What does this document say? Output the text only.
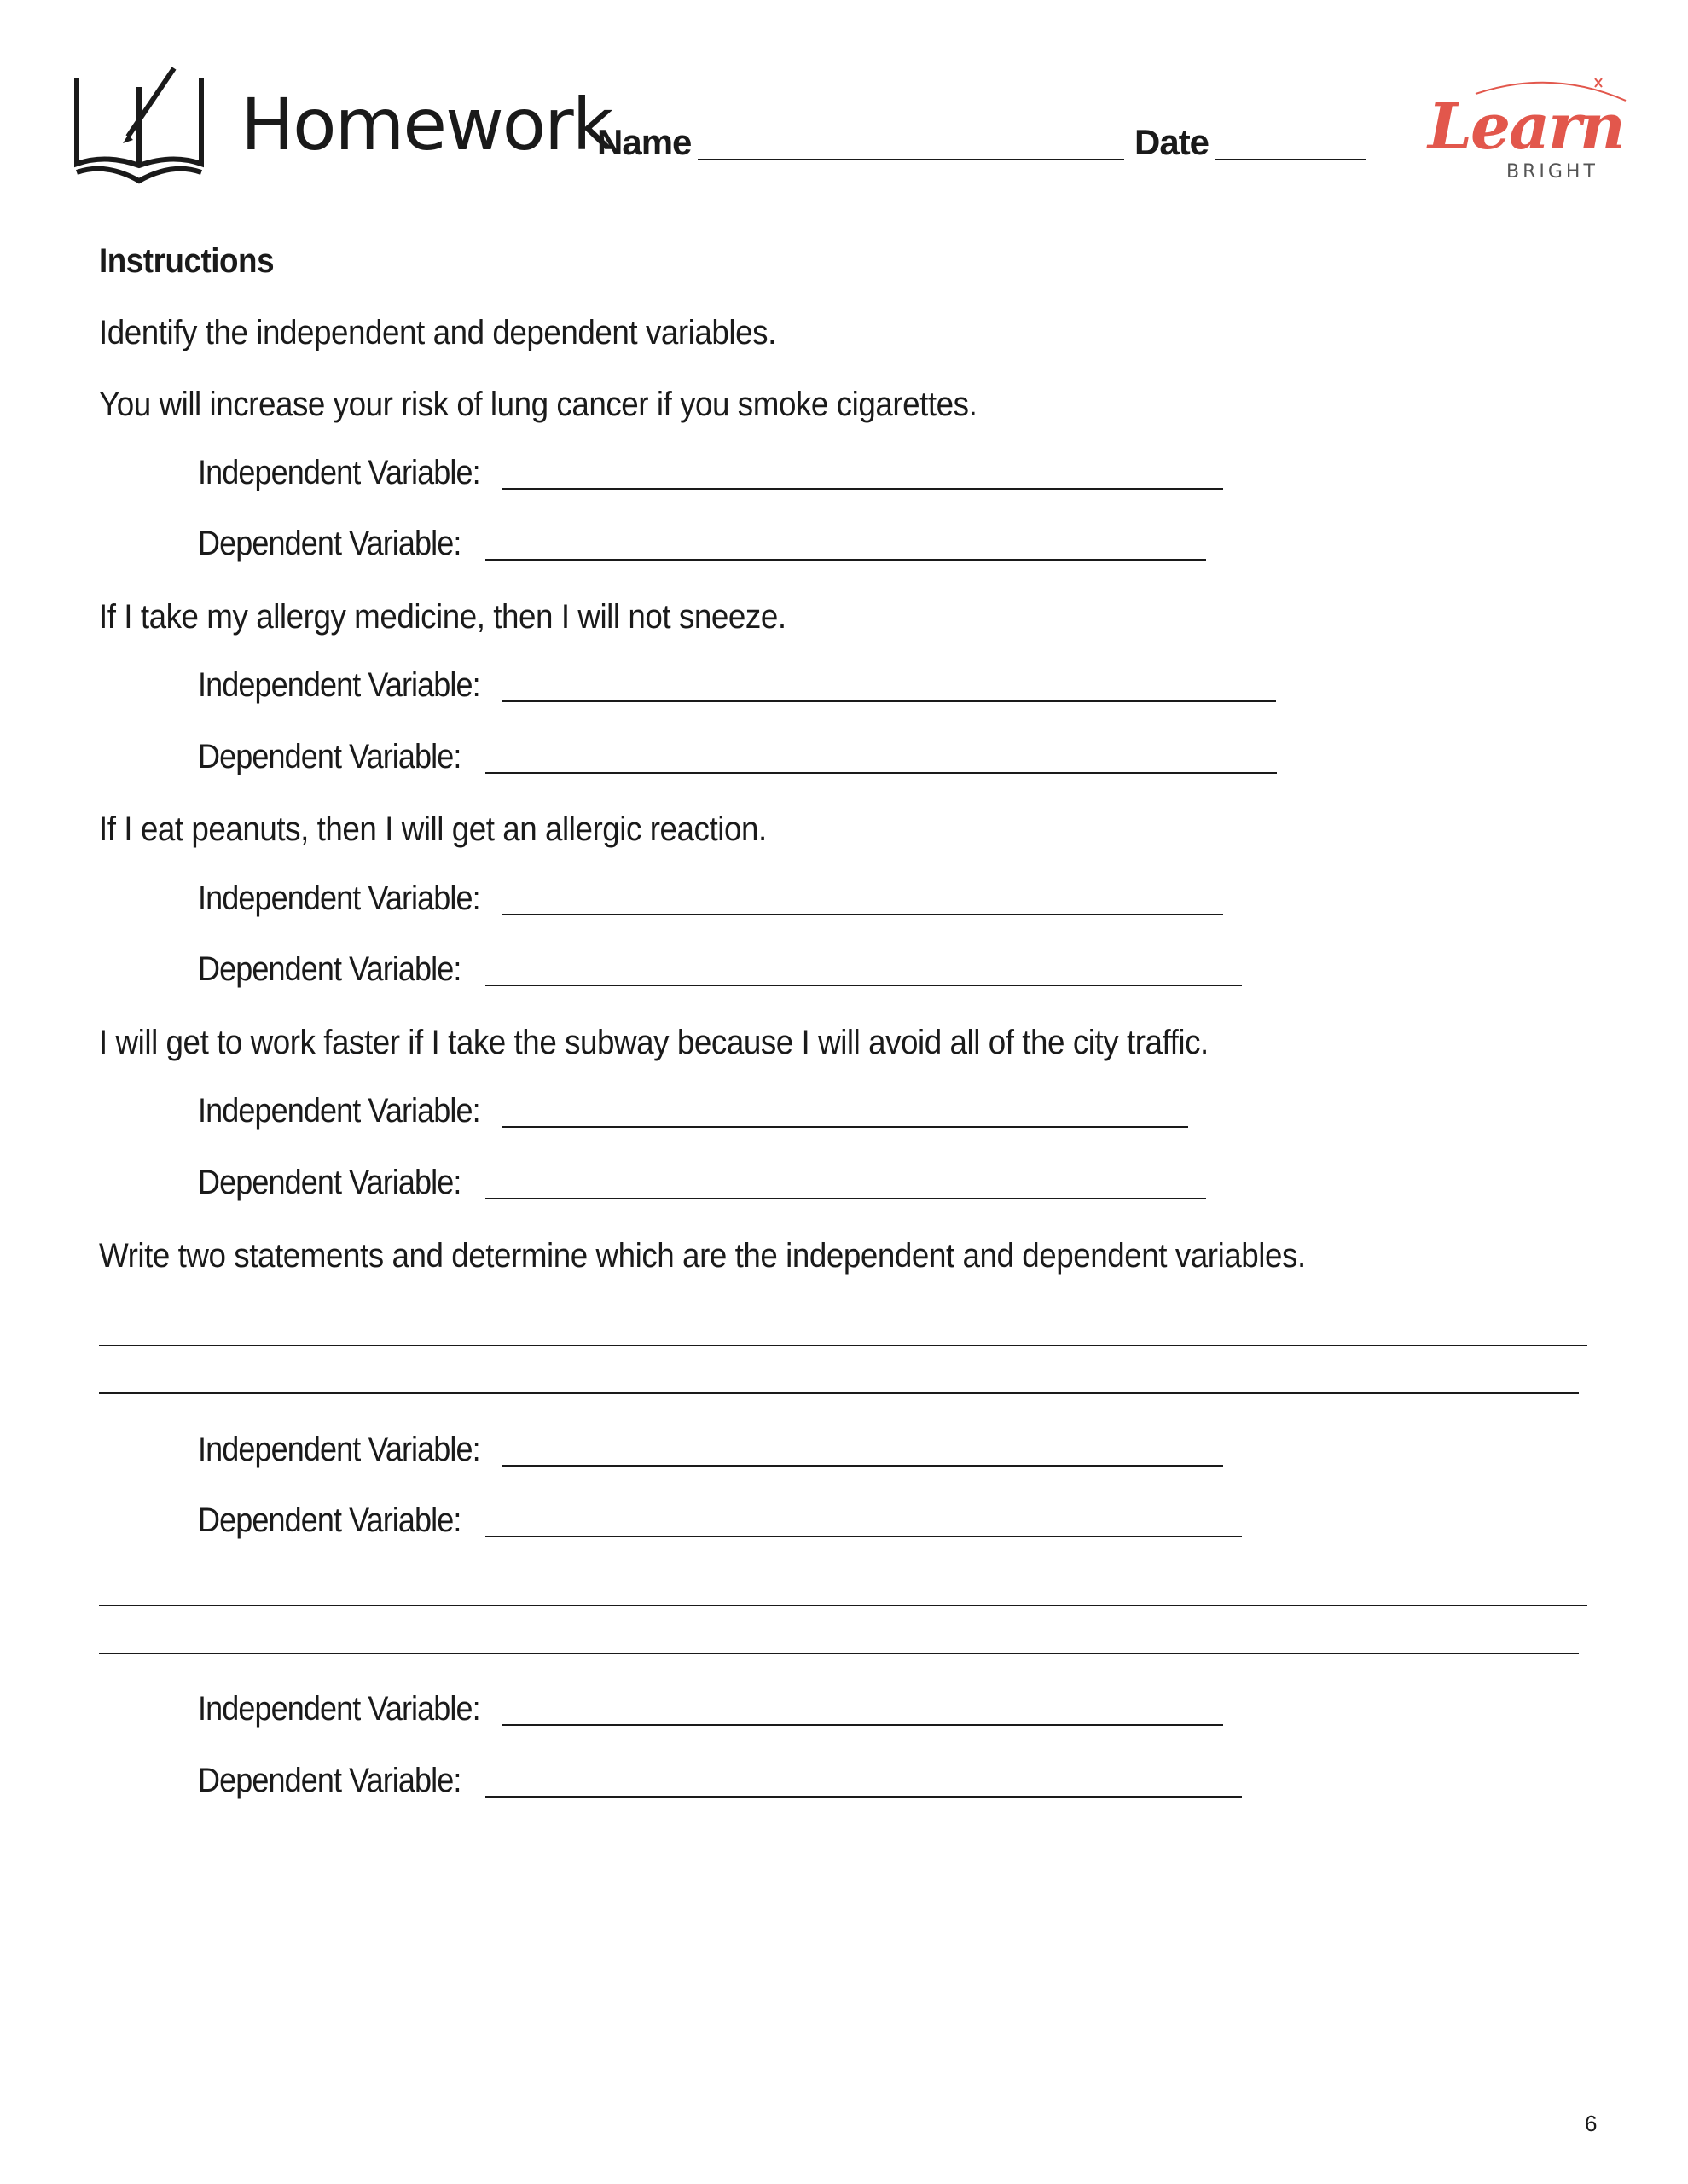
Homework
Name	Date	Learn
BRIGHT
Instructions
Identify the independent and dependent variables.
You will increase your risk of lung cancer if you smoke cigarettes.
Independent Variable:
Dependent Variable:
If I take my allergy medicine, then I will not sneeze.
Independent Variable:
Dependent Variable:
If I eat peanuts, then I will get an allergic reaction.
Independent Variable:
Dependent Variable:
I will get to work faster if I take the subway because I will avoid all of the city traffic.
Independent Variable:
Dependent Variable:
Write two statements and determine which are the independent and dependent variables.
Independent Variable:
Dependent Variable:
Independent Variable:
Dependent Variable:
6
